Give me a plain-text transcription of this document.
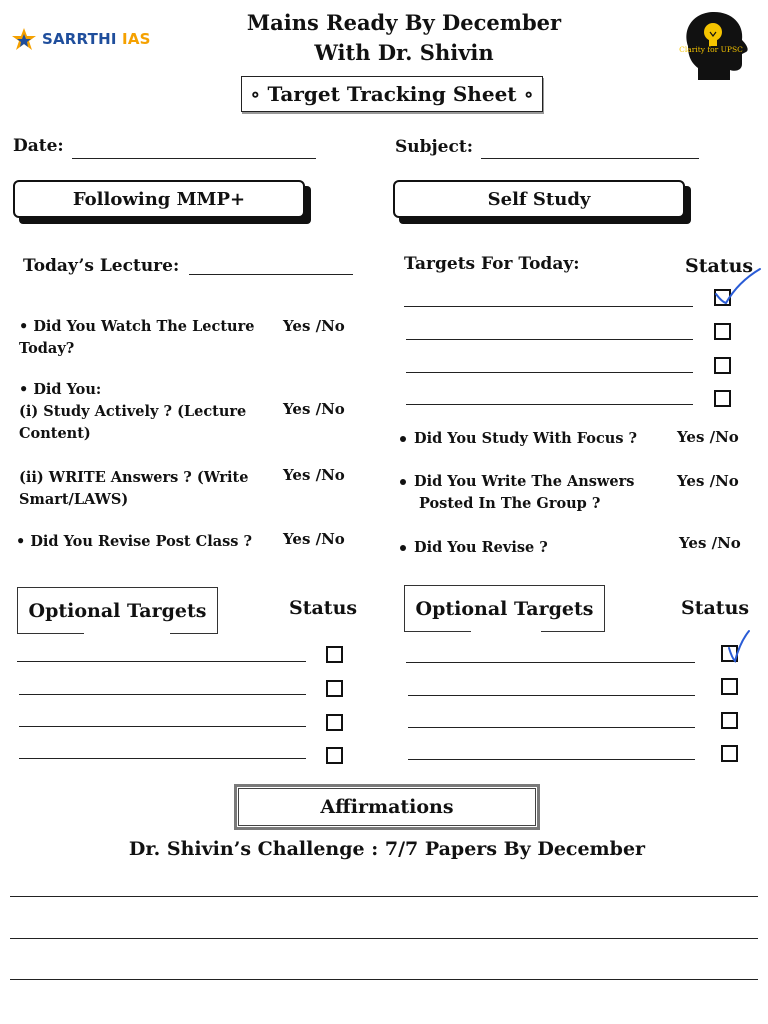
SARRTHI IAS
Mains Ready By December
With Dr. Shivin	Clarity for UPSC
∘ Target Tracking Sheet ∘
Date:	Subject:
Following MMP+	Self Study
Today’s Lecture:
• Did You Watch The Lecture
Today?
Yes /No
• Did You:
(i) Study Actively ? (Lecture
Content)
Yes /No
(ii) WRITE Answers ? (Write
Smart/LAWS)
Yes /No
• Did You Revise Post Class ? Yes /No
Optional Targets	Status
Targets For Today:	Status
Did You Study With Focus ?	Yes /No
Did You Write The Answers
Posted In The Group ?
Yes /No
Did You Revise ?	Yes /No
Optional Targets	Status
Affirmations
Dr. Shivin’s Challenge : 7/7 Papers By December
